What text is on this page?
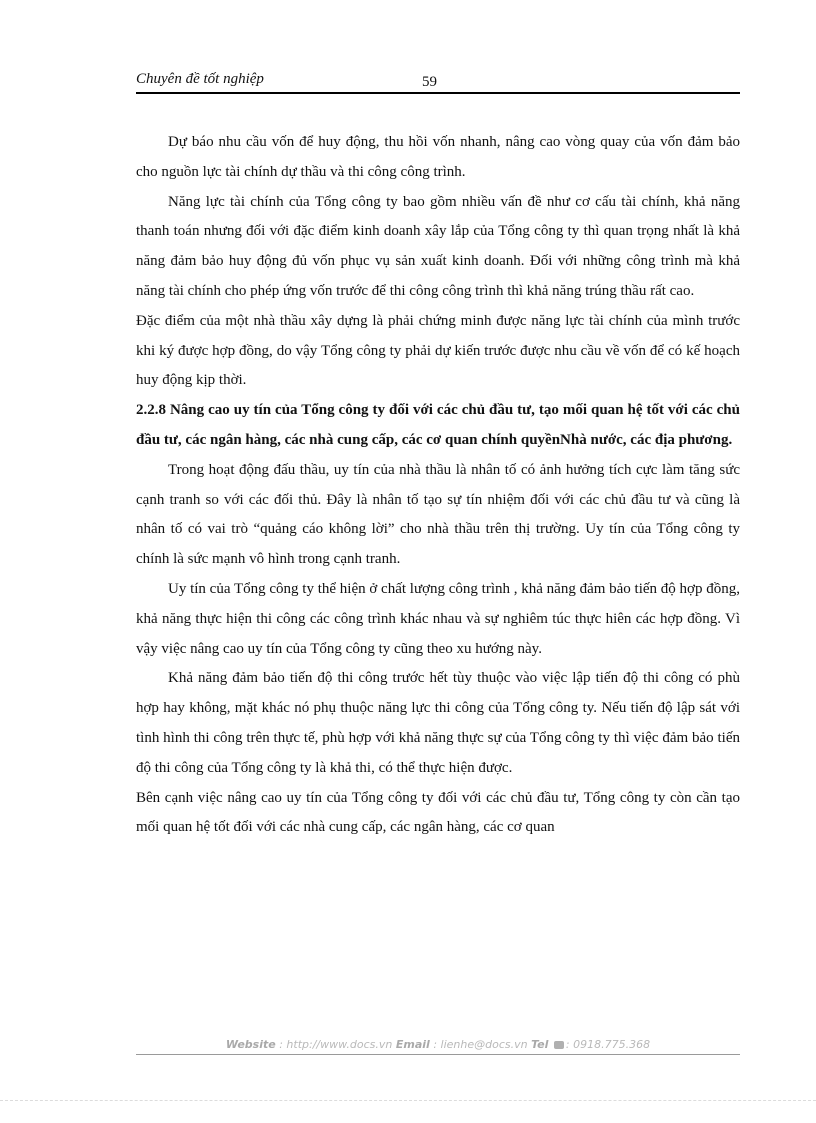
Chuyên đề tốt nghiệp	59

Dự báo nhu cầu vốn để huy động, thu hồi vốn nhanh, nâng cao vòng quay của vốn đảm bảo cho nguồn lực tài chính dự thầu và thi công công trình.

Năng lực tài chính của Tổng công ty bao gồm nhiều vấn đề như cơ cấu tài chính, khả năng thanh toán nhưng đối với đặc điểm kinh doanh xây lắp của Tổng công ty thì quan trọng nhất là khả năng đảm bảo huy động đủ vốn phục vụ sản xuất kinh doanh. Đối với những công trình mà khả năng tài chính cho phép ứng vốn trước để thi công công trình thì khả năng trúng thầu rất cao.

Đặc điểm của một nhà thầu xây dựng là phải chứng minh được năng lực tài chính của mình trước khi ký được hợp đồng, do vậy Tổng công ty phải dự kiến trước được nhu cầu về vốn để có kế hoạch huy động kịp thời.

2.2.8 Nâng cao uy tín của Tổng công ty đối với các chủ đầu tư, tạo mối quan hệ tốt với các chủ đầu tư, các ngân hàng, các nhà cung cấp, các cơ quan chính quyềnNhà nước, các địa phương.

Trong hoạt động đấu thầu, uy tín của nhà thầu là nhân tố có ảnh hưởng tích cực làm tăng sức cạnh tranh so với các đối thủ. Đây là nhân tố tạo sự tín nhiệm đối với các chủ đầu tư và cũng là nhân tố có vai trò “quảng cáo không lời” cho nhà thầu trên thị trường. Uy tín của Tổng công ty chính là sức mạnh vô hình trong cạnh tranh.

Uy tín của Tổng công ty thể hiện ở chất lượng công trình , khả năng đảm bảo tiến độ hợp đồng, khả năng thực hiện thi công các công trình khác nhau và sự nghiêm túc thực hiên các hợp đồng. Vì vậy việc nâng cao uy tín của Tổng công ty cũng theo xu hướng này.

Khả năng đảm bảo tiến độ thi công trước hết tùy thuộc vào việc lập tiến độ thi công có phù hợp hay không, mặt khác nó phụ thuộc năng lực thi công của Tổng công ty. Nếu tiến độ lập sát với tình hình thi công trên thực tế, phù hợp với khả năng thực sự của Tổng công ty thì việc đảm bảo tiến độ thi công của Tổng công ty là khả thi, có thể thực hiện được.

Bên cạnh việc nâng cao uy tín của Tổng công ty đối với các chủ đầu tư, Tổng công ty còn cần tạo mối quan hệ tốt đối với các nhà cung cấp, các ngân hàng, các cơ quan

Website : http://www.docs.vn Email : lienhe@docs.vn Tel : 0918.775.368
